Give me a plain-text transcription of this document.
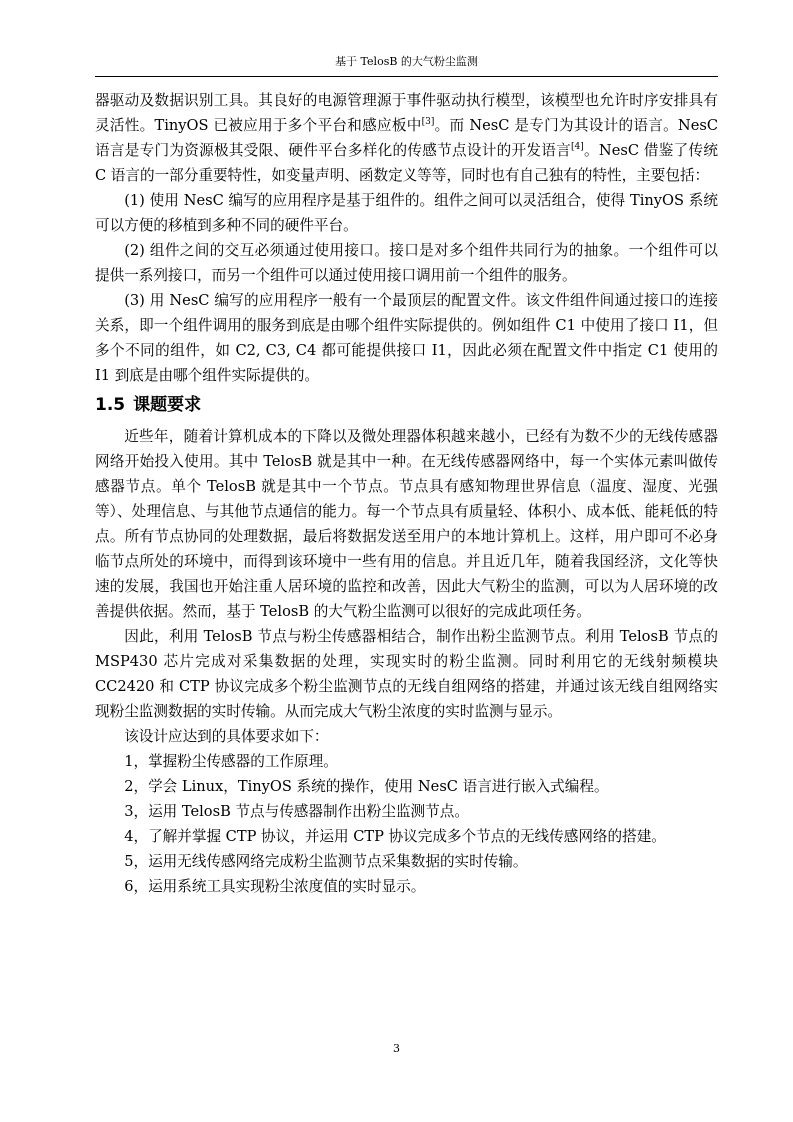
基于 TelosB 的大气粉尘监测

器驱动及数据识别工具。其良好的电源管理源于事件驱动执行模型，该模型也允许时序安排具有灵活性。TinyOS 已被应用于多个平台和感应板中[3]。而 NesC 是专门为其设计的语言。NesC 语言是专门为资源极其受限、硬件平台多样化的传感节点设计的开发语言[4]。NesC 借鉴了传统 C 语言的一部分重要特性，如变量声明、函数定义等等，同时也有自己独有的特性，主要包括：

(1) 使用 NesC 编写的应用程序是基于组件的。组件之间可以灵活组合，使得 TinyOS 系统可以方便的移植到多种不同的硬件平台。

(2) 组件之间的交互必须通过使用接口。接口是对多个组件共同行为的抽象。一个组件可以提供一系列接口，而另一个组件可以通过使用接口调用前一个组件的服务。

(3) 用 NesC 编写的应用程序一般有一个最顶层的配置文件。该文件组件间通过接口的连接关系，即一个组件调用的服务到底是由哪个组件实际提供的。例如组件 C1 中使用了接口 I1，但多个不同的组件，如 C2, C3, C4 都可能提供接口 I1，因此必须在配置文件中指定 C1 使用的 I1 到底是由哪个组件实际提供的。

1.5 课题要求

近些年，随着计算机成本的下降以及微处理器体积越来越小，已经有为数不少的无线传感器网络开始投入使用。其中 TelosB 就是其中一种。在无线传感器网络中，每一个实体元素叫做传感器节点。单个 TelosB 就是其中一个节点。节点具有感知物理世界信息（温度、湿度、光强等）、处理信息、与其他节点通信的能力。每一个节点具有质量轻、体积小、成本低、能耗低的特点。所有节点协同的处理数据，最后将数据发送至用户的本地计算机上。这样，用户即可不必身临节点所处的环境中，而得到该环境中一些有用的信息。并且近几年，随着我国经济，文化等快速的发展，我国也开始注重人居环境的监控和改善，因此大气粉尘的监测，可以为人居环境的改善提供依据。然而，基于 TelosB 的大气粉尘监测可以很好的完成此项任务。

因此，利用 TelosB 节点与粉尘传感器相结合，制作出粉尘监测节点。利用 TelosB 节点的 MSP430 芯片完成对采集数据的处理，实现实时的粉尘监测。同时利用它的无线射频模块 CC2420 和 CTP 协议完成多个粉尘监测节点的无线自组网络的搭建，并通过该无线自组网络实现粉尘监测数据的实时传输。从而完成大气粉尘浓度的实时监测与显示。

该设计应达到的具体要求如下：

1，掌握粉尘传感器的工作原理。

2，学会 Linux，TinyOS 系统的操作，使用 NesC 语言进行嵌入式编程。

3，运用 TelosB 节点与传感器制作出粉尘监测节点。

4，了解并掌握 CTP 协议，并运用 CTP 协议完成多个节点的无线传感网络的搭建。

5，运用无线传感网络完成粉尘监测节点采集数据的实时传输。

6，运用系统工具实现粉尘浓度值的实时显示。

3
